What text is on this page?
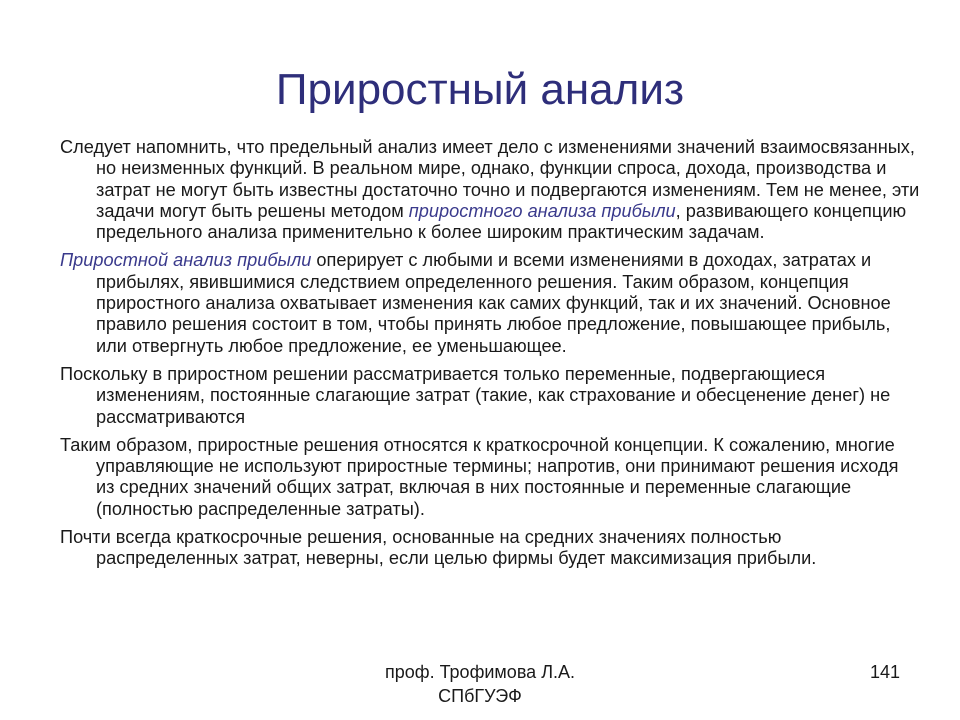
Приростный анализ

Следует напомнить, что предельный анализ имеет дело с изменениями значений взаимосвязанных, но неизменных функций. В реальном мире, однако, функции спроса, дохода, производства и затрат не могут быть известны достаточно точно и подвергаются изменениям. Тем не менее, эти задачи могут быть решены методом приростного анализа прибыли, развивающего концепцию предельного анализа применительно к более широким практическим задачам.

Приростной анализ прибыли оперирует с любыми и всеми изменениями в доходах, затратах и прибылях, явившимися следствием определенного решения. Таким образом, концепция приростного анализа охватывает изменения как самих функций, так и их значений. Основное правило решения состоит в том, чтобы принять любое предложение, повышающее прибыль, или отвергнуть любое предложение, ее уменьшающее.

Поскольку в приростном решении рассматривается только переменные, подвергающиеся изменениям, постоянные слагающие затрат (такие, как страхование и обесценение денег) не рассматриваются

Таким образом, приростные решения относятся к краткосрочной концепции. К сожалению, многие управляющие не используют приростные термины; напротив, они принимают решения исходя из средних значений общих затрат, включая в них постоянные и переменные слагающие (полностью распределенные затраты).

Почти всегда краткосрочные решения, основанные на средних значениях полностью распределенных затрат, неверны, если целью фирмы будет максимизация прибыли.

проф. Трофимова Л.А.
СПбГУЭФ
141
